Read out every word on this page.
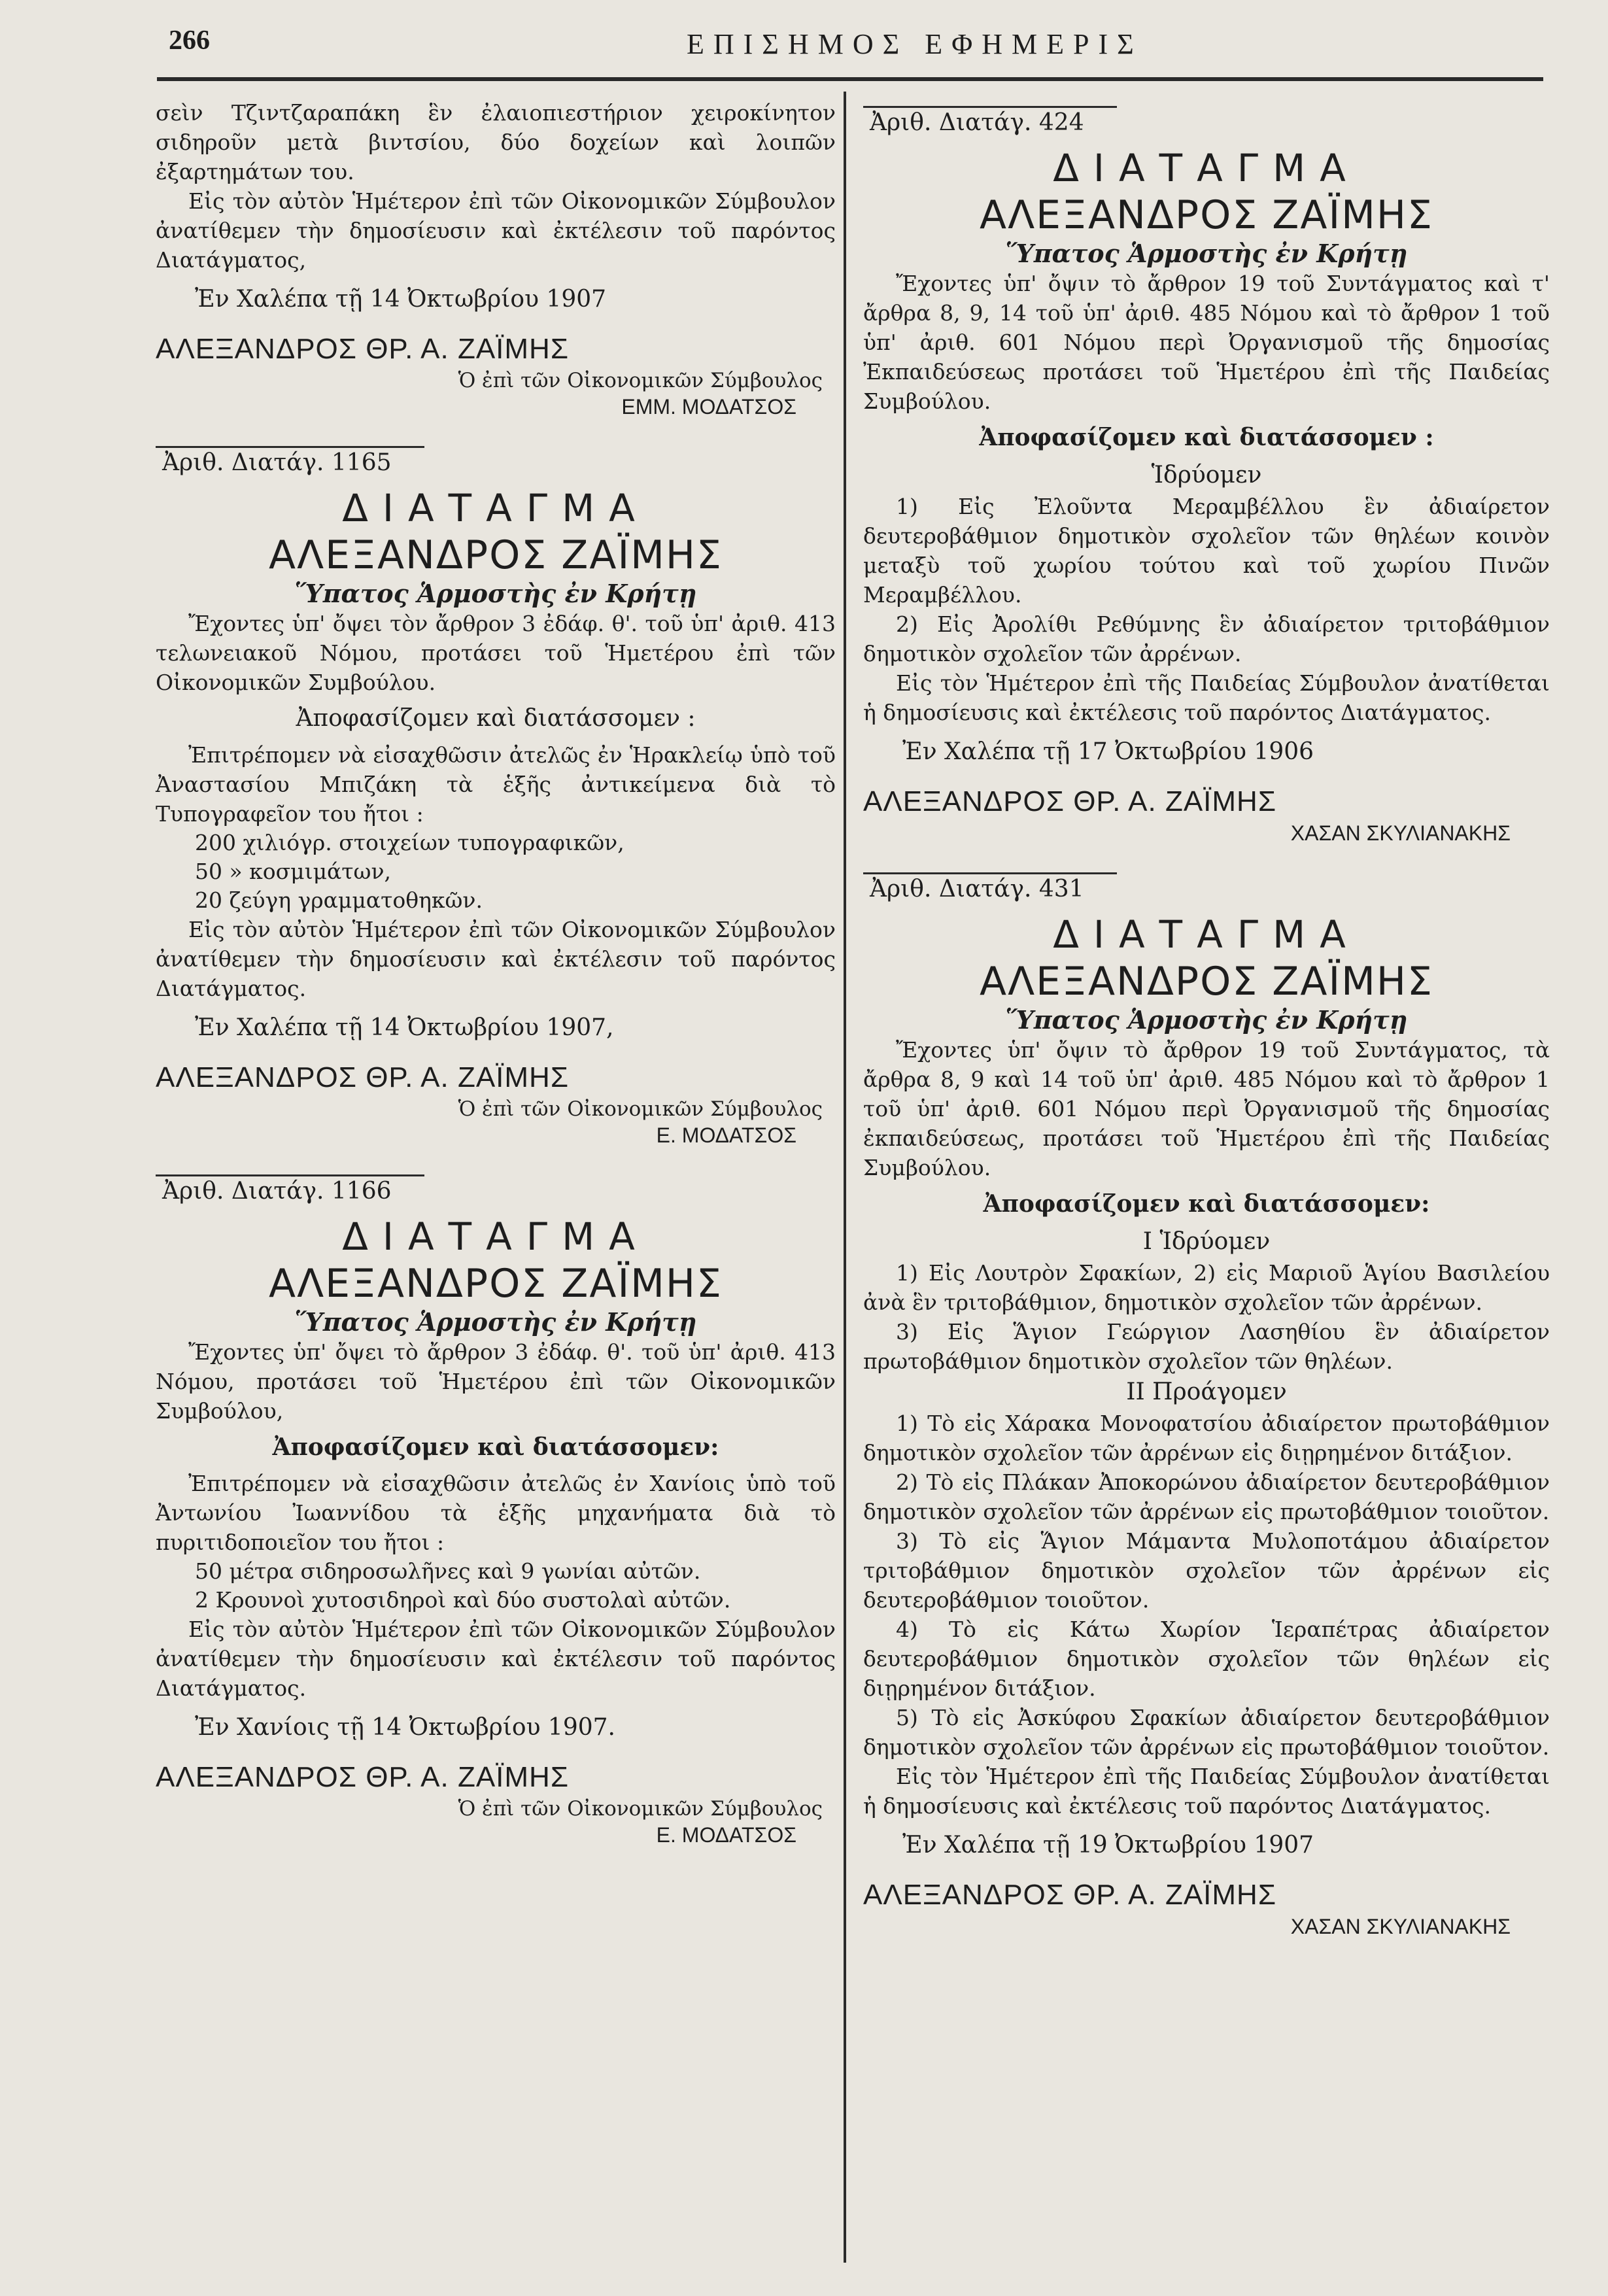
266	ΕΠΙΣΗΜΟΣ ΕΦΗΜΕΡΙΣ

σεὶν Τζιντζαραπάκη ἓν ἐλαιοπιεστήριον χειροκίνητον σιδηροῦν μετὰ βιντσίου, δύο δοχείων καὶ λοιπῶν ἐξαρτημάτων του.

Εἰς τὸν αὐτὸν Ἡμέτερον ἐπὶ τῶν Οἰκονομικῶν Σύμβουλον ἀνατίθεμεν τὴν δημοσίευσιν καὶ ἐκτέλεσιν τοῦ παρόντος Διατάγματος,

Ἐν Χαλέπα τῇ 14 Ὀκτωβρίου 1907

ΑΛΕΞΑΝΔΡΟΣ ΘΡ. Α. ΖΑΪΜΗΣ

Ὁ ἐπὶ τῶν Οἰκονομικῶν Σύμβουλος

ΕΜΜ. ΜΟΔΑΤΣΟΣ

Ἀριθ. Διατάγ. 1165

ΔΙΑΤΑΓΜΑ

ΑΛΕΞΑΝΔΡΟΣ ΖΑΪΜΗΣ

Ὕπατος Ἁρμοστὴς ἐν Κρήτῃ

Ἔχοντες ὑπ' ὄψει τὸν ἄρθρον 3 ἐδάφ. θ'. τοῦ ὑπ' ἀριθ. 413 τελωνειακοῦ Νόμου, προτάσει τοῦ Ἡμετέρου ἐπὶ τῶν Οἰκονομικῶν Συμβούλου.

Ἀποφασίζομεν καὶ διατάσσομεν :

Ἐπιτρέπομεν νὰ εἰσαχθῶσιν ἀτελῶς ἐν Ἡρακλείῳ ὑπὸ τοῦ Ἀναστασίου Μπιζάκη τὰ ἑξῆς ἀντικείμενα διὰ τὸ Τυπογραφεῖον του ἤτοι :

200 χιλιόγρ. στοιχείων τυπογραφικῶν,

50 » κοσμιμάτων,

20 ζεύγη γραμματοθηκῶν.

Εἰς τὸν αὐτὸν Ἡμέτερον ἐπὶ τῶν Οἰκονομικῶν Σύμβουλον ἀνατίθεμεν τὴν δημοσίευσιν καὶ ἐκτέλεσιν τοῦ παρόντος Διατάγματος.

Ἐν Χαλέπα τῇ 14 Ὀκτωβρίου 1907,

ΑΛΕΞΑΝΔΡΟΣ ΘΡ. Α. ΖΑΪΜΗΣ

Ὁ ἐπὶ τῶν Οἰκονομικῶν Σύμβουλος

Ε. ΜΟΔΑΤΣΟΣ

Ἀριθ. Διατάγ. 1166

ΔΙΑΤΑΓΜΑ

ΑΛΕΞΑΝΔΡΟΣ ΖΑΪΜΗΣ

Ὕπατος Ἁρμοστὴς ἐν Κρήτῃ

Ἔχοντες ὑπ' ὄψει τὸ ἄρθρον 3 ἐδάφ. θ'. τοῦ ὑπ' ἀριθ. 413 Νόμου, προτάσει τοῦ Ἡμετέρου ἐπὶ τῶν Οἰκονομικῶν Συμβούλου,

Ἀποφασίζομεν καὶ διατάσσομεν:

Ἐπιτρέπομεν νὰ εἰσαχθῶσιν ἀτελῶς ἐν Χανίοις ὑπὸ τοῦ Ἀντωνίου Ἰωαννίδου τὰ ἑξῆς μηχανήματα διὰ τὸ πυριτιδοποιεῖον του ἤτοι :

50 μέτρα σιδηροσωλῆνες καὶ 9 γωνίαι αὐτῶν.

2 Κρουνοὶ χυτοσιδηροὶ καὶ δύο συστολαὶ αὐτῶν.

Εἰς τὸν αὐτὸν Ἡμέτερον ἐπὶ τῶν Οἰκονομικῶν Σύμβουλον ἀνατίθεμεν τὴν δημοσίευσιν καὶ ἐκτέλεσιν τοῦ παρόντος Διατάγματος.

Ἐν Χανίοις τῇ 14 Ὀκτωβρίου 1907.

ΑΛΕΞΑΝΔΡΟΣ ΘΡ. Α. ΖΑΪΜΗΣ

Ὁ ἐπὶ τῶν Οἰκονομικῶν Σύμβουλος

Ε. ΜΟΔΑΤΣΟΣ

Ἀριθ. Διατάγ. 424

ΔΙΑΤΑΓΜΑ

ΑΛΕΞΑΝΔΡΟΣ ΖΑΪΜΗΣ

Ὕπατος Ἁρμοστὴς ἐν Κρήτῃ

Ἔχοντες ὑπ' ὄψιν τὸ ἄρθρον 19 τοῦ Συντάγματος καὶ τ' ἄρθρα 8, 9, 14 τοῦ ὑπ' ἀριθ. 485 Νόμου καὶ τὸ ἄρθρον 1 τοῦ ὑπ' ἀριθ. 601 Νόμου περὶ Ὀργανισμοῦ τῆς δημοσίας Ἐκπαιδεύσεως προτάσει τοῦ Ἡμετέρου ἐπὶ τῆς Παιδείας Συμβούλου.

Ἀποφασίζομεν καὶ διατάσσομεν :

Ἱδρύομεν

1) Εἰς Ἐλοῦντα Μεραμβέλλου ἓν ἀδιαίρετον δευτεροβάθμιον δημοτικὸν σχολεῖον τῶν θηλέων κοινὸν μεταξὺ τοῦ χωρίου τούτου καὶ τοῦ χωρίου Πινῶν Μεραμβέλλου.

2) Εἰς Ἀρολίθι Ρεθύμνης ἓν ἀδιαίρετον τριτοβάθμιον δημοτικὸν σχολεῖον τῶν ἀρρένων.

Εἰς τὸν Ἡμέτερον ἐπὶ τῆς Παιδείας Σύμβουλον ἀνατίθεται ἡ δημοσίευσις καὶ ἐκτέλεσις τοῦ παρόντος Διατάγματος.

Ἐν Χαλέπα τῇ 17 Ὀκτωβρίου 1906

ΑΛΕΞΑΝΔΡΟΣ ΘΡ. Α. ΖΑΪΜΗΣ

ΧΑΣΑΝ ΣΚΥΛΙΑΝΑΚΗΣ

Ἀριθ. Διατάγ. 431

ΔΙΑΤΑΓΜΑ

ΑΛΕΞΑΝΔΡΟΣ ΖΑΪΜΗΣ

Ὕπατος Ἁρμοστὴς ἐν Κρήτῃ

Ἔχοντες ὑπ' ὄψιν τὸ ἄρθρον 19 τοῦ Συντάγματος, τὰ ἄρθρα 8, 9 καὶ 14 τοῦ ὑπ' ἀριθ. 485 Νόμου καὶ τὸ ἄρθρον 1 τοῦ ὑπ' ἀριθ. 601 Νόμου περὶ Ὀργανισμοῦ τῆς δημοσίας ἐκπαιδεύσεως, προτάσει τοῦ Ἡμετέρου ἐπὶ τῆς Παιδείας Συμβούλου.

Ἀποφασίζομεν καὶ διατάσσομεν:

Ι Ἱδρύομεν

1) Εἰς Λουτρὸν Σφακίων, 2) εἰς Μαριοῦ Ἁγίου Βασιλείου ἀνὰ ἓν τριτοβάθμιον, δημοτικὸν σχολεῖον τῶν ἀρρένων.

3) Εἰς Ἅγιον Γεώργιον Λασηθίου ἓν ἀδιαίρετον πρωτοβάθμιον δημοτικὸν σχολεῖον τῶν θηλέων.

ΙΙ Προάγομεν

1) Τὸ εἰς Χάρακα Μονοφατσίου ἀδιαίρετον πρωτοβάθμιον δημοτικὸν σχολεῖον τῶν ἀρρένων εἰς διῃρημένον διτάξιον.

2) Τὸ εἰς Πλάκαν Ἀποκορώνου ἀδιαίρετον δευτεροβάθμιον δημοτικὸν σχολεῖον τῶν ἀρρένων εἰς πρωτοβάθμιον τοιοῦτον.

3) Τὸ εἰς Ἅγιον Μάμαντα Μυλοποτάμου ἀδιαίρετον τριτοβάθμιον δημοτικὸν σχολεῖον τῶν ἀρρένων εἰς δευτεροβάθμιον τοιοῦτον.

4) Τὸ εἰς Κάτω Χωρίον Ἱεραπέτρας ἀδιαίρετον δευτεροβάθμιον δημοτικὸν σχολεῖον τῶν θηλέων εἰς διῃρημένον διτάξιον.

5) Τὸ εἰς Ἀσκύφου Σφακίων ἀδιαίρετον δευτεροβάθμιον δημοτικὸν σχολεῖον τῶν ἀρρένων εἰς πρωτοβάθμιον τοιοῦτον.

Εἰς τὸν Ἡμέτερον ἐπὶ τῆς Παιδείας Σύμβουλον ἀνατίθεται ἡ δημοσίευσις καὶ ἐκτέλεσις τοῦ παρόντος Διατάγματος.

Ἐν Χαλέπα τῇ 19 Ὀκτωβρίου 1907

ΑΛΕΞΑΝΔΡΟΣ ΘΡ. Α. ΖΑΪΜΗΣ

ΧΑΣΑΝ ΣΚΥΛΙΑΝΑΚΗΣ
